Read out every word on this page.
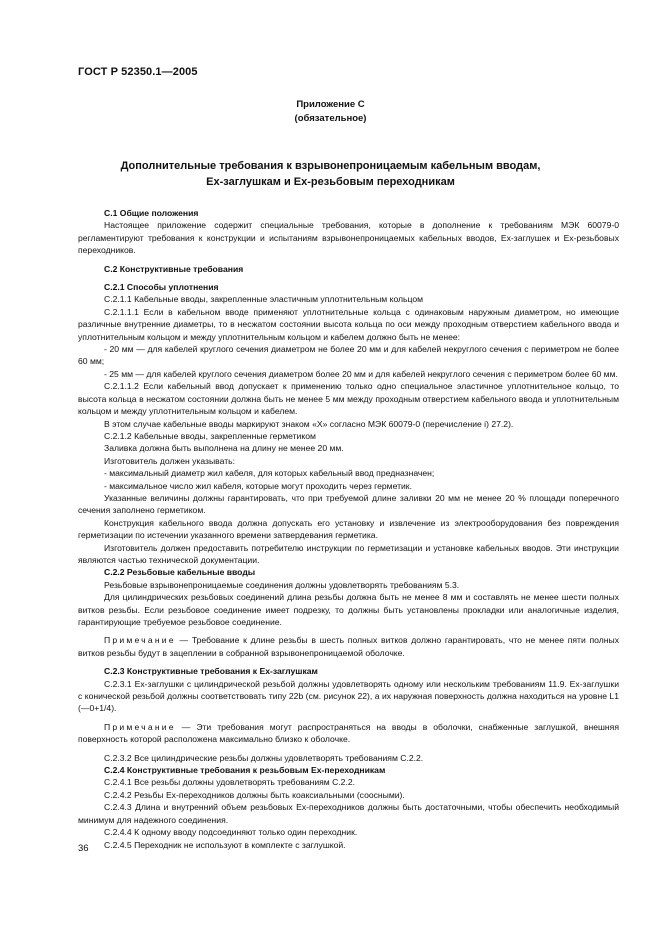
ГОСТ Р 52350.1—2005
Приложение С
(обязательное)
Дополнительные требования к взрывонепроницаемым кабельным вводам,
Ех-заглушкам и Ех-резьбовым переходникам

С.1 Общие положения

Настоящее приложение содержит специальные требования, которые в дополнение к требованиям МЭК 60079-0 регламентируют требования к конструкции и испытаниям взрывонепроницаемых кабельных вводов, Ех-заглушек и Ех-резьбовых переходников.

С.2 Конструктивные требования

С.2.1 Способы уплотнения

С.2.1.1 Кабельные вводы, закрепленные эластичным уплотнительным кольцом

С.2.1.1.1 Если в кабельном вводе применяют уплотнительные кольца с одинаковым наружным диаметром, но имеющие различные внутренние диаметры, то в несжатом состоянии высота кольца по оси между проходным отверстием кабельного ввода и уплотнительным кольцом и между уплотнительным кольцом и кабелем должно быть не менее:

- 20 мм — для кабелей круглого сечения диаметром не более 20 мм и для кабелей некруглого сечения с периметром не более 60 мм;

- 25 мм — для кабелей круглого сечения диаметром более 20 мм и для кабелей некруглого сечения с периметром более 60 мм.

С.2.1.1.2 Если кабельный ввод допускает к применению только одно специальное эластичное уплотнительное кольцо, то высота кольца в несжатом состоянии должна быть не менее 5 мм между проходным отверстием кабельного ввода и уплотнительным кольцом и между уплотнительным кольцом и кабелем.

В этом случае кабельные вводы маркируют знаком «Х» согласно МЭК 60079-0 (перечисление і) 27.2).

С.2.1.2 Кабельные вводы, закрепленные герметиком

Заливка должна быть выполнена на длину не менее 20 мм.

Изготовитель должен указывать:

- максимальный диаметр жил кабеля, для которых кабельный ввод предназначен;

- максимальное число жил кабеля, которые могут проходить через герметик.

Указанные величины должны гарантировать, что при требуемой длине заливки 20 мм не менее 20 % площади поперечного сечения заполнено герметиком.

Конструкция кабельного ввода должна допускать его установку и извлечение из электрооборудования без повреждения герметизации по истечении указанного времени затвердевания герметика.

Изготовитель должен предоставить потребителю инструкции по герметизации и установке кабельных вводов. Эти инструкции являются частью технической документации.

С.2.2 Резьбовые кабельные вводы

Резьбовые взрывонепроницаемые соединения должны удовлетворять требованиям 5.3.

Для цилиндрических резьбовых соединений длина резьбы должна быть не менее 8 мм и составлять не менее шести полных витков резьбы. Если резьбовое соединение имеет подрезку, то должны быть установлены прокладки или аналогичные изделия, гарантирующие требуемое резьбовое соединение.

Примечание — Требование к длине резьбы в шесть полных витков должно гарантировать, что не менее пяти полных витков резьбы будут в зацеплении в собранной взрывонепроницаемой оболочке.

С.2.3 Конструктивные требования к Ех-заглушкам

С.2.3.1 Ех-заглушки с цилиндрической резьбой должны удовлетворять одному или нескольким требованиям 11.9. Ех-заглушки с конической резьбой должны соответствовать типу 22b (см. рисунок 22), а их наружная поверхность должна находиться на уровне L1 (—0+1/4).

Примечание — Эти требования могут распространяться на вводы в оболочки, снабженные заглушкой, внешняя поверхность которой расположена максимально близко к оболочке.

С.2.3.2 Все цилиндрические резьбы должны удовлетворять требованиям С.2.2.

С.2.4 Конструктивные требования к резьбовым Ех-переходникам

С.2.4.1 Все резьбы должны удовлетворять требованиям С.2.2.

С.2.4.2 Резьбы Ех-переходников должны быть коаксиальными (соосными).

С.2.4.3 Длина и внутренний объем резьбовых Ех-переходников должны быть достаточными, чтобы обеспечить необходимый минимум для надежного соединения.

С.2.4.4 К одному вводу подсоединяют только один переходник.

С.2.4.5 Переходник не используют в комплекте с заглушкой.

36
